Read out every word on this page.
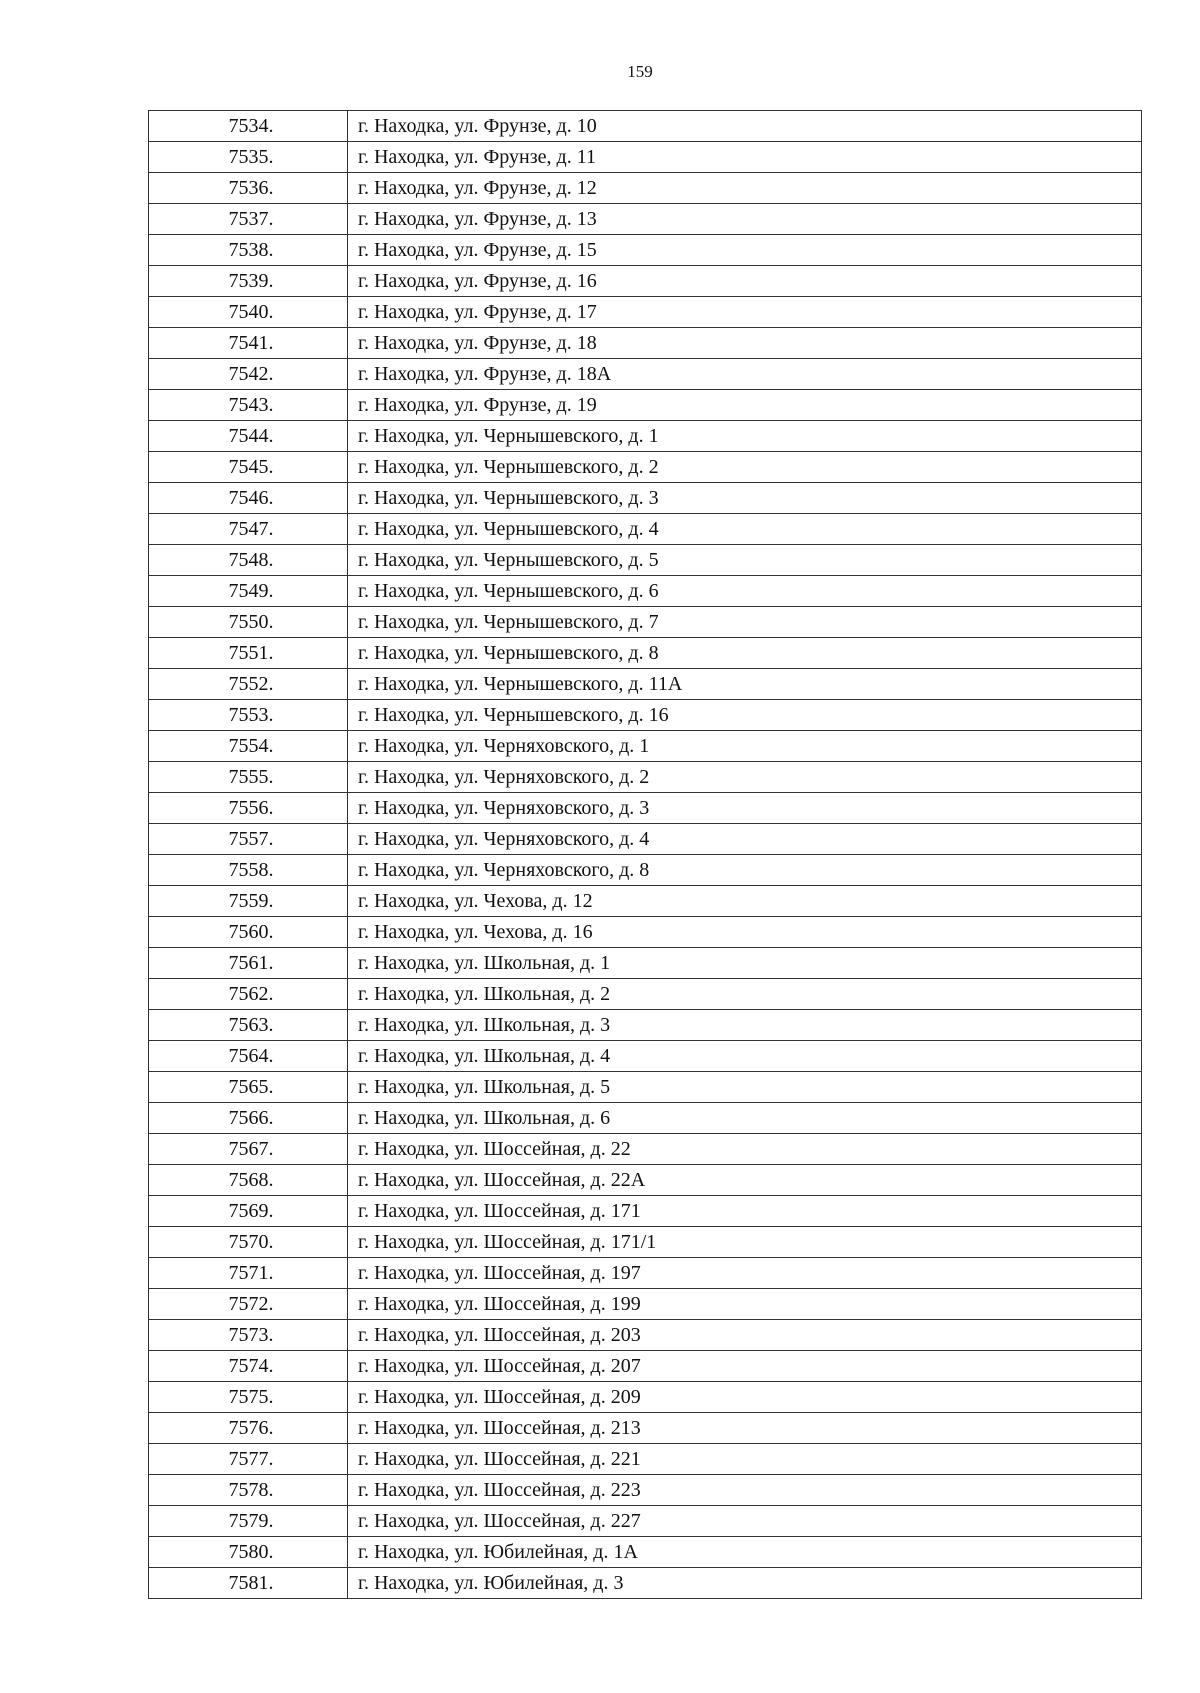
159
7534.	г. Находка, ул. Фрунзе, д. 10
7535.	г. Находка, ул. Фрунзе, д. 11
7536.	г. Находка, ул. Фрунзе, д. 12
7537.	г. Находка, ул. Фрунзе, д. 13
7538.	г. Находка, ул. Фрунзе, д. 15
7539.	г. Находка, ул. Фрунзе, д. 16
7540.	г. Находка, ул. Фрунзе, д. 17
7541.	г. Находка, ул. Фрунзе, д. 18
7542.	г. Находка, ул. Фрунзе, д. 18А
7543.	г. Находка, ул. Фрунзе, д. 19
7544.	г. Находка, ул. Чернышевского, д. 1
7545.	г. Находка, ул. Чернышевского, д. 2
7546.	г. Находка, ул. Чернышевского, д. 3
7547.	г. Находка, ул. Чернышевского, д. 4
7548.	г. Находка, ул. Чернышевского, д. 5
7549.	г. Находка, ул. Чернышевского, д. 6
7550.	г. Находка, ул. Чернышевского, д. 7
7551.	г. Находка, ул. Чернышевского, д. 8
7552.	г. Находка, ул. Чернышевского, д. 11А
7553.	г. Находка, ул. Чернышевского, д. 16
7554.	г. Находка, ул. Черняховского, д. 1
7555.	г. Находка, ул. Черняховского, д. 2
7556.	г. Находка, ул. Черняховского, д. 3
7557.	г. Находка, ул. Черняховского, д. 4
7558.	г. Находка, ул. Черняховского, д. 8
7559.	г. Находка, ул. Чехова, д. 12
7560.	г. Находка, ул. Чехова, д. 16
7561.	г. Находка, ул. Школьная, д. 1
7562.	г. Находка, ул. Школьная, д. 2
7563.	г. Находка, ул. Школьная, д. 3
7564.	г. Находка, ул. Школьная, д. 4
7565.	г. Находка, ул. Школьная, д. 5
7566.	г. Находка, ул. Школьная, д. 6
7567.	г. Находка, ул. Шоссейная, д. 22
7568.	г. Находка, ул. Шоссейная, д. 22А
7569.	г. Находка, ул. Шоссейная, д. 171
7570.	г. Находка, ул. Шоссейная, д. 171/1
7571.	г. Находка, ул. Шоссейная, д. 197
7572.	г. Находка, ул. Шоссейная, д. 199
7573.	г. Находка, ул. Шоссейная, д. 203
7574.	г. Находка, ул. Шоссейная, д. 207
7575.	г. Находка, ул. Шоссейная, д. 209
7576.	г. Находка, ул. Шоссейная, д. 213
7577.	г. Находка, ул. Шоссейная, д. 221
7578.	г. Находка, ул. Шоссейная, д. 223
7579.	г. Находка, ул. Шоссейная, д. 227
7580.	г. Находка, ул. Юбилейная, д. 1А
7581.	г. Находка, ул. Юбилейная, д. 3
